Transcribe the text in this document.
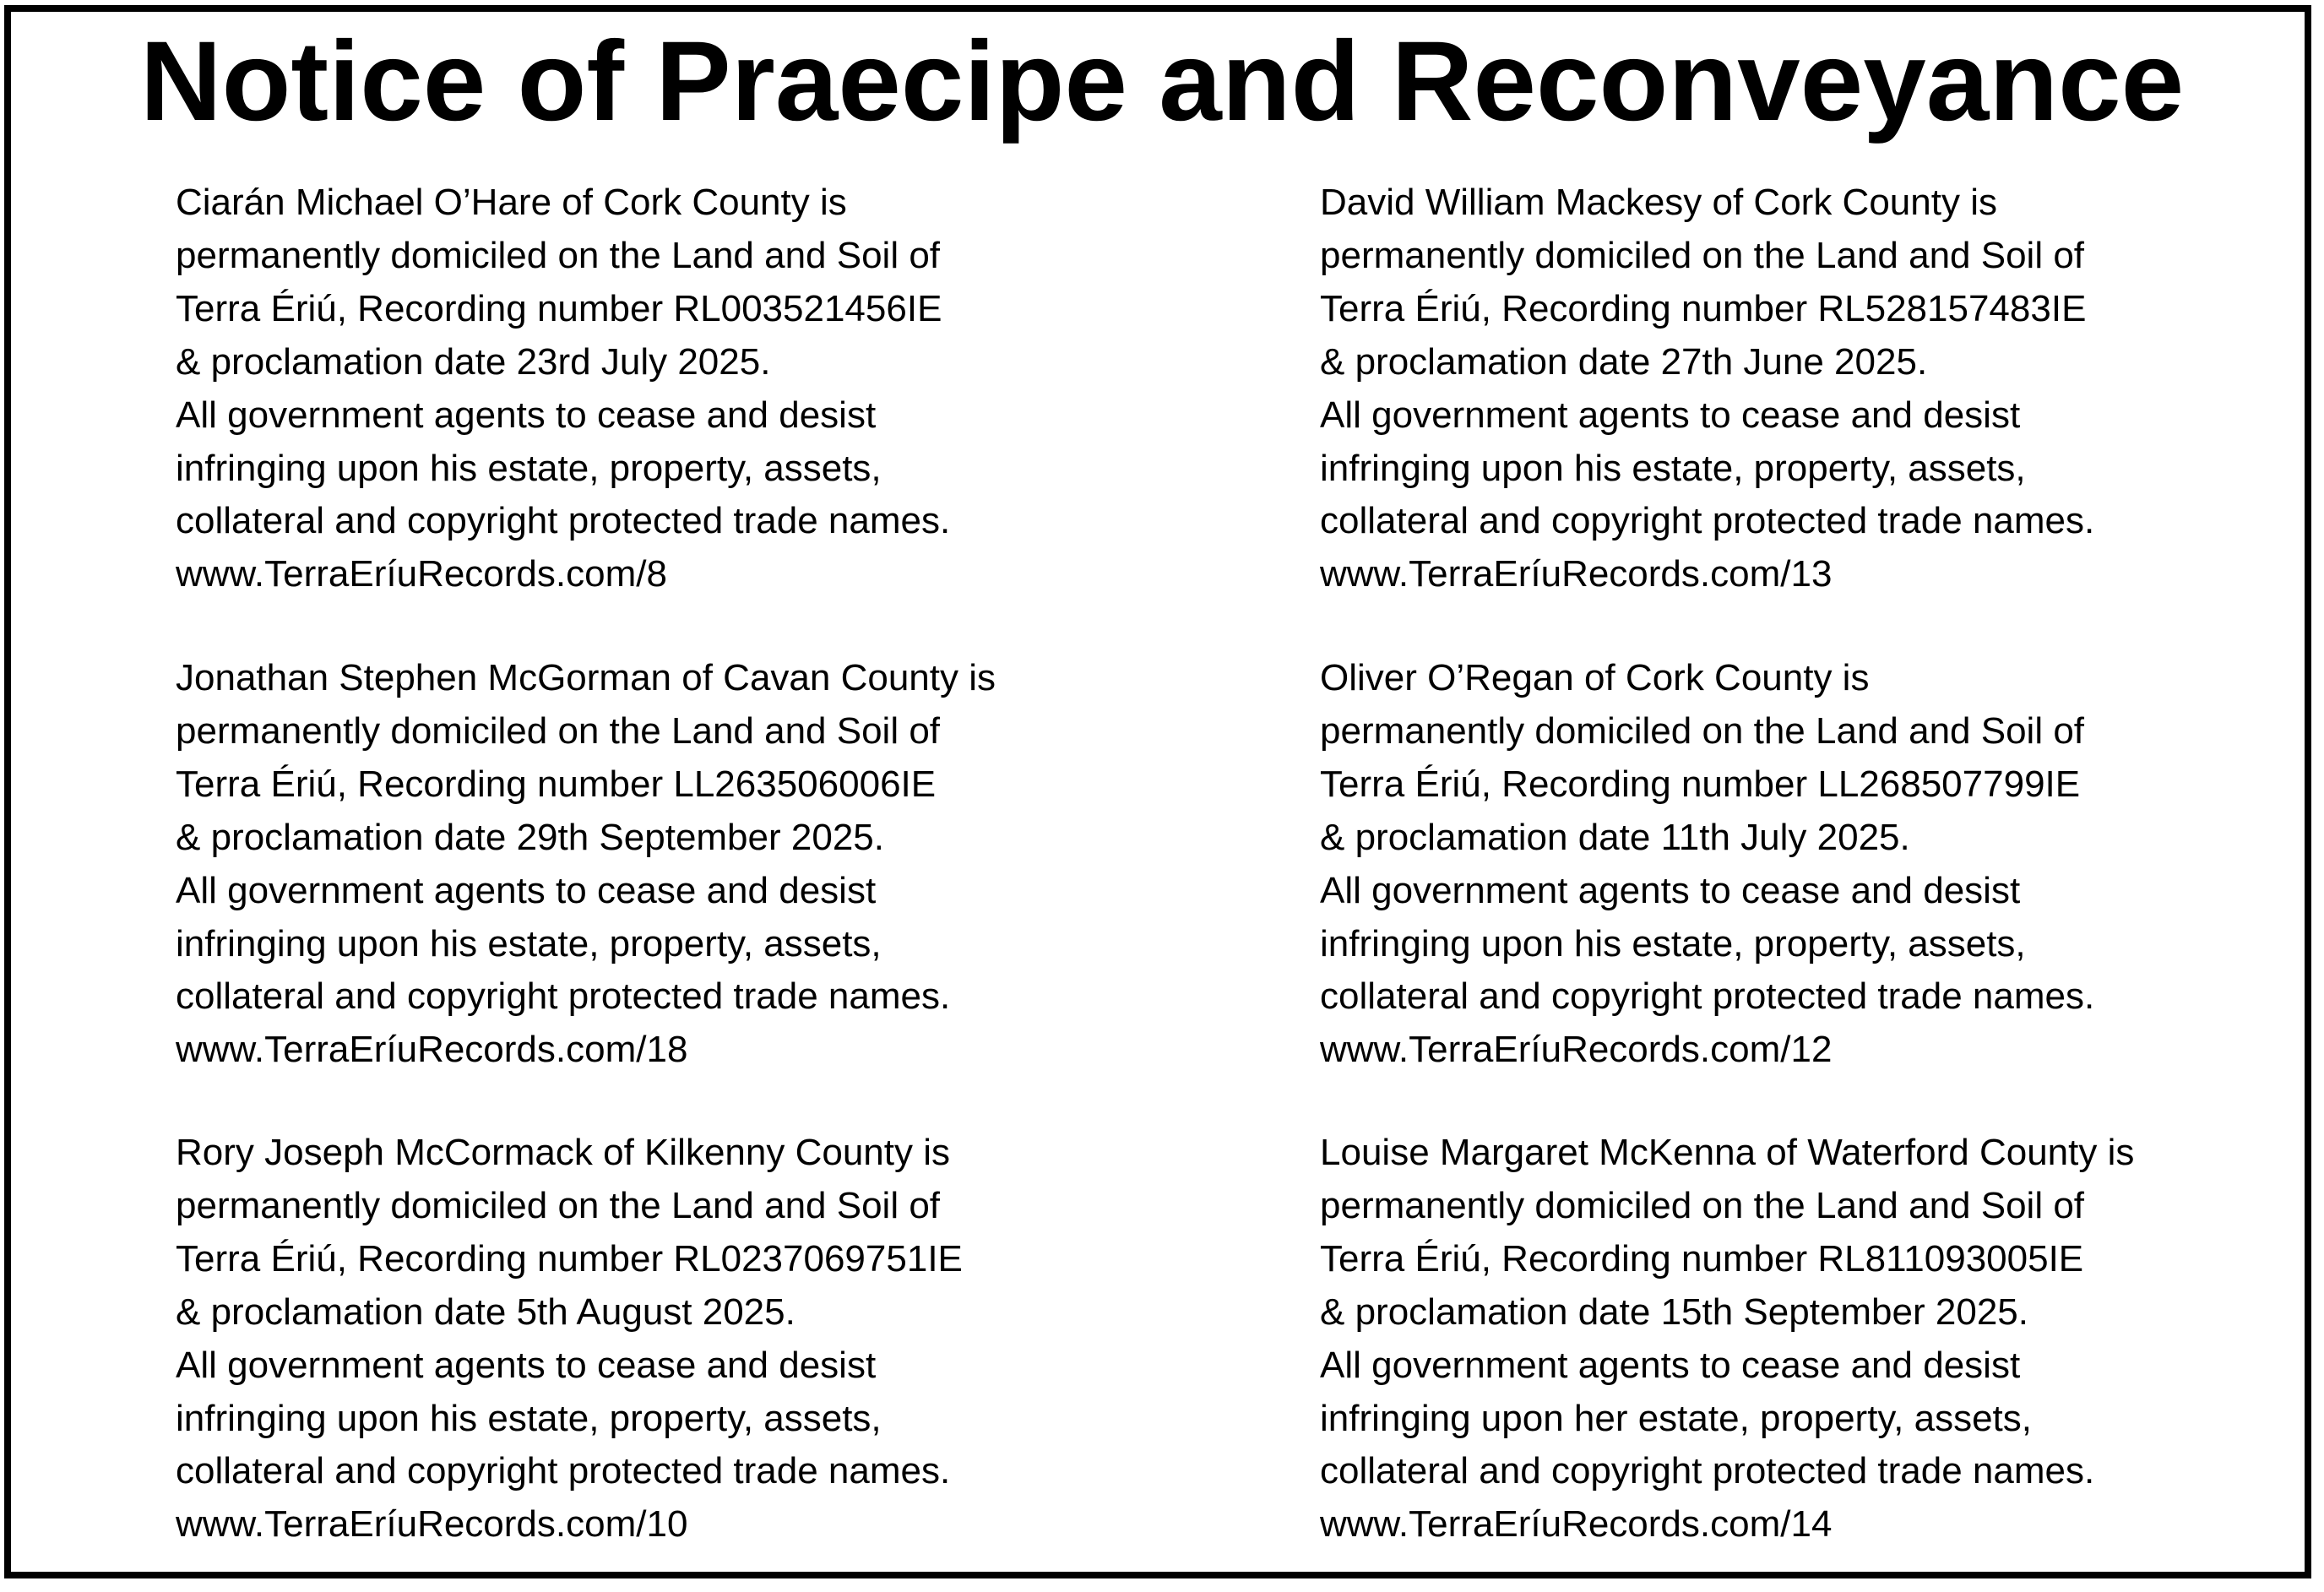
Notice of Praecipe and Reconveyance
Ciarán Michael O’Hare of Cork County is
permanently domiciled on the Land and Soil of
Terra Ériú, Recording number RL003521456IE
& proclamation date 23rd July 2025.
All government agents to cease and desist
infringing upon his estate, property, assets,
collateral and copyright protected trade names.
www.TerraEríuRecords.com/8
David William Mackesy of Cork County is
permanently domiciled on the Land and Soil of
Terra Ériú, Recording number RL528157483IE
& proclamation date 27th June 2025.
All government agents to cease and desist
infringing upon his estate, property, assets,
collateral and copyright protected trade names.
www.TerraEríuRecords.com/13
Jonathan Stephen McGorman of Cavan County is
permanently domiciled on the Land and Soil of
Terra Ériú, Recording number LL263506006IE
& proclamation date 29th September 2025.
All government agents to cease and desist
infringing upon his estate, property, assets,
collateral and copyright protected trade names.
www.TerraEríuRecords.com/18
Oliver O’Regan of Cork County is
permanently domiciled on the Land and Soil of
Terra Ériú, Recording number LL268507799IE
& proclamation date 11th July 2025.
All government agents to cease and desist
infringing upon his estate, property, assets,
collateral and copyright protected trade names.
www.TerraEríuRecords.com/12
Rory Joseph McCormack of Kilkenny County is
permanently domiciled on the Land and Soil of
Terra Ériú, Recording number RL0237069751IE
& proclamation date 5th August 2025.
All government agents to cease and desist
infringing upon his estate, property, assets,
collateral and copyright protected trade names.
www.TerraEríuRecords.com/10
Louise Margaret McKenna of Waterford County is
permanently domiciled on the Land and Soil of
Terra Ériú, Recording number RL811093005IE
& proclamation date 15th September 2025.
All government agents to cease and desist
infringing upon her estate, property, assets,
collateral and copyright protected trade names.
www.TerraEríuRecords.com/14
